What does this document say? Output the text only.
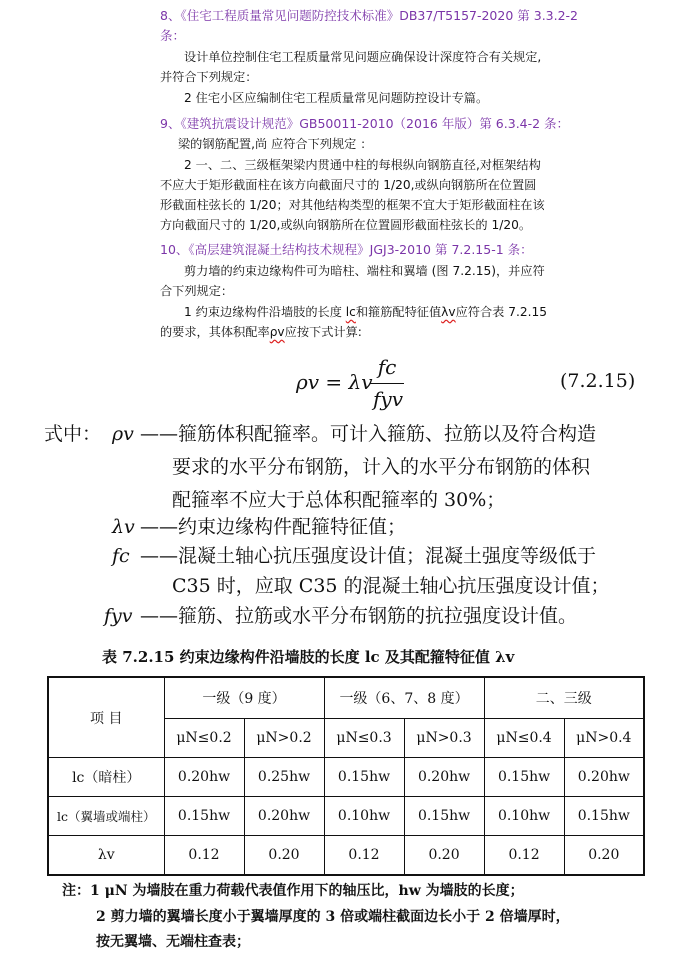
8、《住宅工程质量常见问题防控技术标准》DB37/T5157-2020 第 3.3.2-2
条：
设计单位控制住宅工程质量常见问题应确保设计深度符合有关规定,
并符合下列规定：
2 住宅小区应编制住宅工程质量常见问题防控设计专篇。
9、《建筑抗震设计规范》GB50011-2010（2016 年版）第 6.3.4-2 条：
梁的钢筋配置,尚 应符合下列规定 ：
2 一、二、三级框架梁内贯通中柱的每根纵向钢筋直径,对框架结构
不应大于矩形截面柱在该方向截面尺寸的 1/20,或纵向钢筋所在位置圆
形截面柱弦长的 1/20；对其他结构类型的框架不宜大于矩形截面柱在该
方向截面尺寸的 1/20,或纵向钢筋所在位置圆形截面柱弦长的 1/20。
10、《高层建筑混凝土结构技术规程》JGJ3-2010 第 7.2.15-1 条：
剪力墙的约束边缘构件可为暗柱、端柱和翼墙 (图 7.2.15)，并应符
合下列规定：
1 约束边缘构件沿墙肢的长度 lc和箍筋配特征值λv应符合表 7.2.15
的要求，其体积配率ρv应按下式计算:
ρv = λv
fc
fyv
(7.2.15)
式中： ρv ——箍筋体积配箍率。可计入箍筋、拉筋以及符合构造
要求的水平分布钢筋，计入的水平分布钢筋的体积
配箍率不应大于总体积配箍率的 30%；
λv ——约束边缘构件配箍特征值；
fc ——混凝土轴心抗压强度设计值；混凝土强度等级低于
C35 时，应取 C35 的混凝土轴心抗压强度设计值；
fyv ——箍筋、拉筋或水平分布钢筋的抗拉强度设计值。
表 7.2.15 约束边缘构件沿墙肢的长度 lc 及其配箍特征值 λv
项 目	一级（9 度）		一级（6、7、8 度）		二、三级	
	μN≤0.2	μN>0.2	μN≤0.3	μN>0.3	μN≤0.4	μN>0.4
lc（暗柱）	0.20hw	0.25hw	0.15hw	0.20hw	0.15hw	0.20hw
lc（翼墙或端柱）	0.15hw	0.20hw	0.10hw	0.15hw	0.10hw	0.15hw
λv	0.12	0.20	0.12	0.20	0.12	0.20
注：1 μN 为墙肢在重力荷载代表值作用下的轴压比，hw 为墙肢的长度；
2 剪力墙的翼墙长度小于翼墙厚度的 3 倍或端柱截面边长小于 2 倍墙厚时，
按无翼墙、无端柱查表；
